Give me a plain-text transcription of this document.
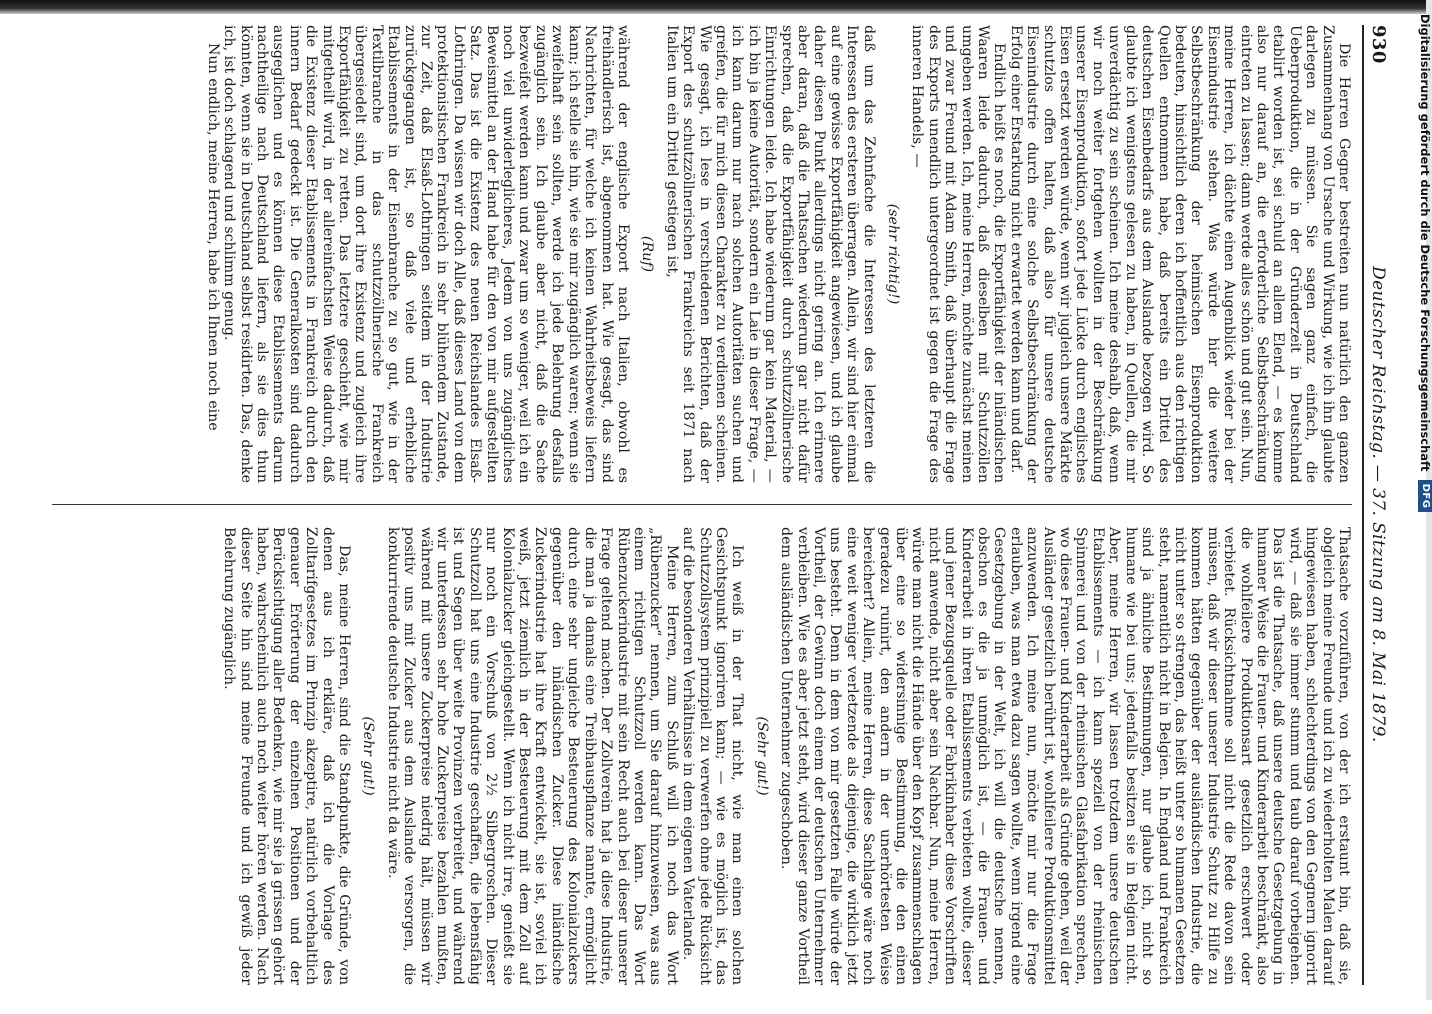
930
Deutscher Reichstag. — 37. Sitzung am 8. Mai 1879.

Die Herren Gegner bestreiten nun natürlich den ganzen Zusammenhang von Ursache und Wirkung, wie ich ihn glaubte darlegen zu müssen. Sie sagen ganz einfach, die Ueberproduktion, die in der Gründerzeit in Deutschland etablirt worden ist, sei schuld an allem Elend, — es komme also nur darauf an, die erforderliche Selbstbeschränkung eintreten zu lassen; dann werde alles schön und gut sein. Nun, meine Herren, ich dächte einen Augenblick wieder bei der Eisenindustrie stehen. Was würde hier die weitere Selbstbeschränkung der heimischen Eisenproduktion bedeuten, hinsichtlich deren ich hoffentlich aus den richtigen Quellen entnommen habe, daß bereits ein Drittel des deutschen Eisenbedarfs aus dem Auslande bezogen wird. So glaubte ich wenigstens gelesen zu haben, in Quellen, die mir unverdächtig zu sein scheinen. Ich meine deshalb, daß, wenn wir noch weiter fortgehen wollten in der Beschränkung unserer Eisenproduktion, sofort jede Lücke durch englisches Eisen ersetzt werden würde, wenn wir jugleich unsere Märkte schutzlos offen halten, daß also für unsere deutsche Eisenindustrie durch eine solche Selbstbeschränkung der Erfolg einer Erstarkung nicht erwartet werden kann und darf.

Endlich heißt es noch, die Exportfähigkeit der inländischen Waaren leide dadurch, daß dieselben mit Schutzzöllen umgeben werden. Ich, meine Herren, möchte zunächst meinen und zwar Freund mit Adam Smith, daß überhaupt die Frage des Exports unendlich untergeordnet ist gegen die Frage des inneren Handels, —

(sehr richtig!)

daß um das Zehnfache die Interessen des letzteren die Interessen des ersteren überragen. Allein, wir sind hier einmal auf eine gewisse Exportfähigkeit angewiesen, und ich glaube daher diesen Punkt allerdings nicht gering an. Ich erinnere aber daran, daß die Thatsachen wiederum gar nicht dafür sprechen, daß die Exportfähigkeit durch schutzzöllnerische Einrichtungen leide. Ich habe wiederum gar kein Material, — ich bin ja keine Autorität, sondern ein Laie in dieser Frage, — ich kann darum nur nach solchen Autoritäten suchen und greifen, die für mich diesen Charakter zu verdienen scheinen. Wie gesagt, ich lese in verschiedenen Berichten, daß der Export des schutzzöllnerischen Frankreichs seit 1871 nach Italien um ein Drittel gestiegen ist,

(Ruf)

während der englische Export nach Italien, obwohl es freihändlerisch ist, abgenommen hat. Wie gesagt, das sind Nachrichten, für welche ich keinen Wahrheitsbeweis liefern kann; ich stelle sie hin, wie sie mir zugänglich waren; wenn sie zweifelhaft sein sollten, werde ich jede Belehrung desfalls zugänglich sein. Ich glaube aber nicht, daß die Sache bezweifelt werden kann und zwar um so weniger, weil ich ein noch viel unwiderleglicheres, Jedem von uns zugängliches Beweismittel an der Hand habe für den von mir aufgestellten Satz. Das ist die Existenz des neuen Reichslandes Elsaß-Lothringen. Da wissen wir doch Alle, daß dieses Land von dem protektionistischen Frankreich in sehr blühendem Zustande, zur Zeit, daß Elsaß-Lothringen seitdem in der Industrie zurückgegangen ist, so daß viele und erhebliche Etablissements in der Eisenbranche zu so gut, wie in der Textilbranche in das schutzzöllnerische Frankreich übergesiedelt sind, um dort ihre Existenz und zugleich ihre Exportfähigkeit zu retten. Das letztere geschieht, wie mir mitgetheilt wird, in der allereinfachsten Weise dadurch, daß die Existenz dieser Etablissements in Frankreich durch den innern Bedarf gedeckt ist. Die Generalkosten sind dadurch ausgeglichen und es können diese Etablissements darum nachtheilige nach Deutschland liefern, als sie dies thun könnten, wenn sie in Deutschland selbst residirten. Das, denke ich, ist doch schlagend und schlimm genug.

Nun endlich, meine Herren, habe ich Ihnen noch eine

Thatsache vorzuführen, von der ich erstaunt bin, daß sie, obgleich meine Freunde und ich zu wiederholten Malen darauf hingewiesen haben, schlechterdings von den Gegnern ignorirt wird, — daß sie immer stumm und taub darauf vorbeigehen. Das ist die Thatsache, daß unsere deutsche Gesetzgebung in humaner Weise die Frauen- und Kinderarbeit beschränkt, also die wohlfeilere Produktionsart gesetzlich erschwert oder verbietet. Rücksichtnahme soll nicht die Rede davon sein müssen, daß wir dieser unserer Industrie Schutz zu Hilfe zu kommen hätten gegenüber der ausländischen Industrie, die nicht unter so strengen, das heißt unter so humanen Gesetzen steht, namentlich nicht in Belgien. In England und Frankreich sind ja ähnliche Bestimmungen, nur glaube ich, nicht so humane wie bei uns; jedenfalls besitzen sie in Belgien nicht. Aber, meine Herren, wir lassen trotzdem unsere deutschen Etablissements — ich kann speziell von der rheinischen Spinnerei und von der rheinischen Glasfabrikation sprechen, wo diese Frauen- und Kinderarbeit als Gründe gehen, weil der Ausländer gesetzlich berührt ist, wohlfeilere Produktionsmittel anzuwenden. Ich meine nun, möchte mir nur die Frage erlauben, was man etwa dazu sagen wollte, wenn irgend eine Gesetzgebung in der Welt, ich will die deutsche nennen, obschon es die ja unmöglich ist, — die Frauen- und Kinderarbeit in ihren Etablissements verbieten wollte, dieser und jener Bezugsquelle oder Fabrikinhaber diese Vorschriften nicht anwende, nicht aber sein Nachbar. Nun, meine Herren, würde man nicht die Hände über den Kopf zusammenschlagen über eine so widersinnige Bestimmung, die den einen geradezu ruinirt, den andern in der unerhörtesten Weise bereichert? Allein, meine Herren, diese Sachlage wäre noch eine weit weniger verletzende als diejenige, die wirklich jetzt uns besteht. Denn in dem von mir gesetzten Falle würde der Vortheil, der Gewinn doch einem der deutschen Unternehmer verbleiben. Wie es aber jetzt steht, wird dieser ganze Vortheil dem ausländischen Unternehmer zugeschoben.

(Sehr gut!)

Ich weiß in der That nicht, wie man einen solchen Gesichtspunkt ignoriren kann; — wie es möglich ist, das Schutzzollsystem prinzipiell zu verwerfen ohne jede Rücksicht auf die besonderen Verhältnisse in dem eigenen Vaterlande.

Meine Herren, zum Schluß will ich noch das Wort „Rübenzucker“ nennen, um Sie darauf hinzuweisen, was aus einem richtigen Schutzzoll werden kann. Das Wort Rübenzuckerindustrie mit sein Recht auch bei dieser unserer Frage geltend machen. Der Zollverein hat ja diese Industrie, die man ja damals eine Treibhauspflanze nannte, ermöglicht durch eine sehr ungleiche Besteuerung des Kolonialzuckers gegenüber den inländischen Zucker. Diese inländische Zuckerindustrie hat ihre Kraft entwickelt, sie ist, soviel ich weiß, jetzt ziemlich in der Besteuerung mit dem Zoll auf Kolonialzucker gleichgestellt. Wenn ich nicht irre, genießt sie nur noch ein Vorschuß von 2½ Silbergroschen. Dieser Schutzzoll hat uns eine Industrie geschaffen, die lebensfähig ist und Segen über weite Provinzen verbreitet, und während wir unterdessen sehr hohe Zuckerpreise bezahlen mußten, während mit unsere Zuckerpreise niedrig hält, müssen wir positiv uns mit Zucker aus dem Auslande versorgen, die konkurrirende deutsche Industrie nicht da wäre.

(Sehr gut!)

Das, meine Herren, sind die Standpunkte, die Gründe, von denen aus ich erkläre, daß ich die Vorlage des Zolltarifgesetzes im Prinzip akzeptire, natürlich vorbehaltlich genauer Erörterung der einzelnen Positionen und der Berücksichtigung aller Bedenken, wie mir sie ja grissen gehört haben, wahrscheinlich auch noch weiter hören werden. Nach dieser Seite hin sind meine Freunde und ich gewiß jeder Belehrung zugänglich.

Digitalisierung gefördert durch die Deutsche Forschungsgemeinschaft
DFG
